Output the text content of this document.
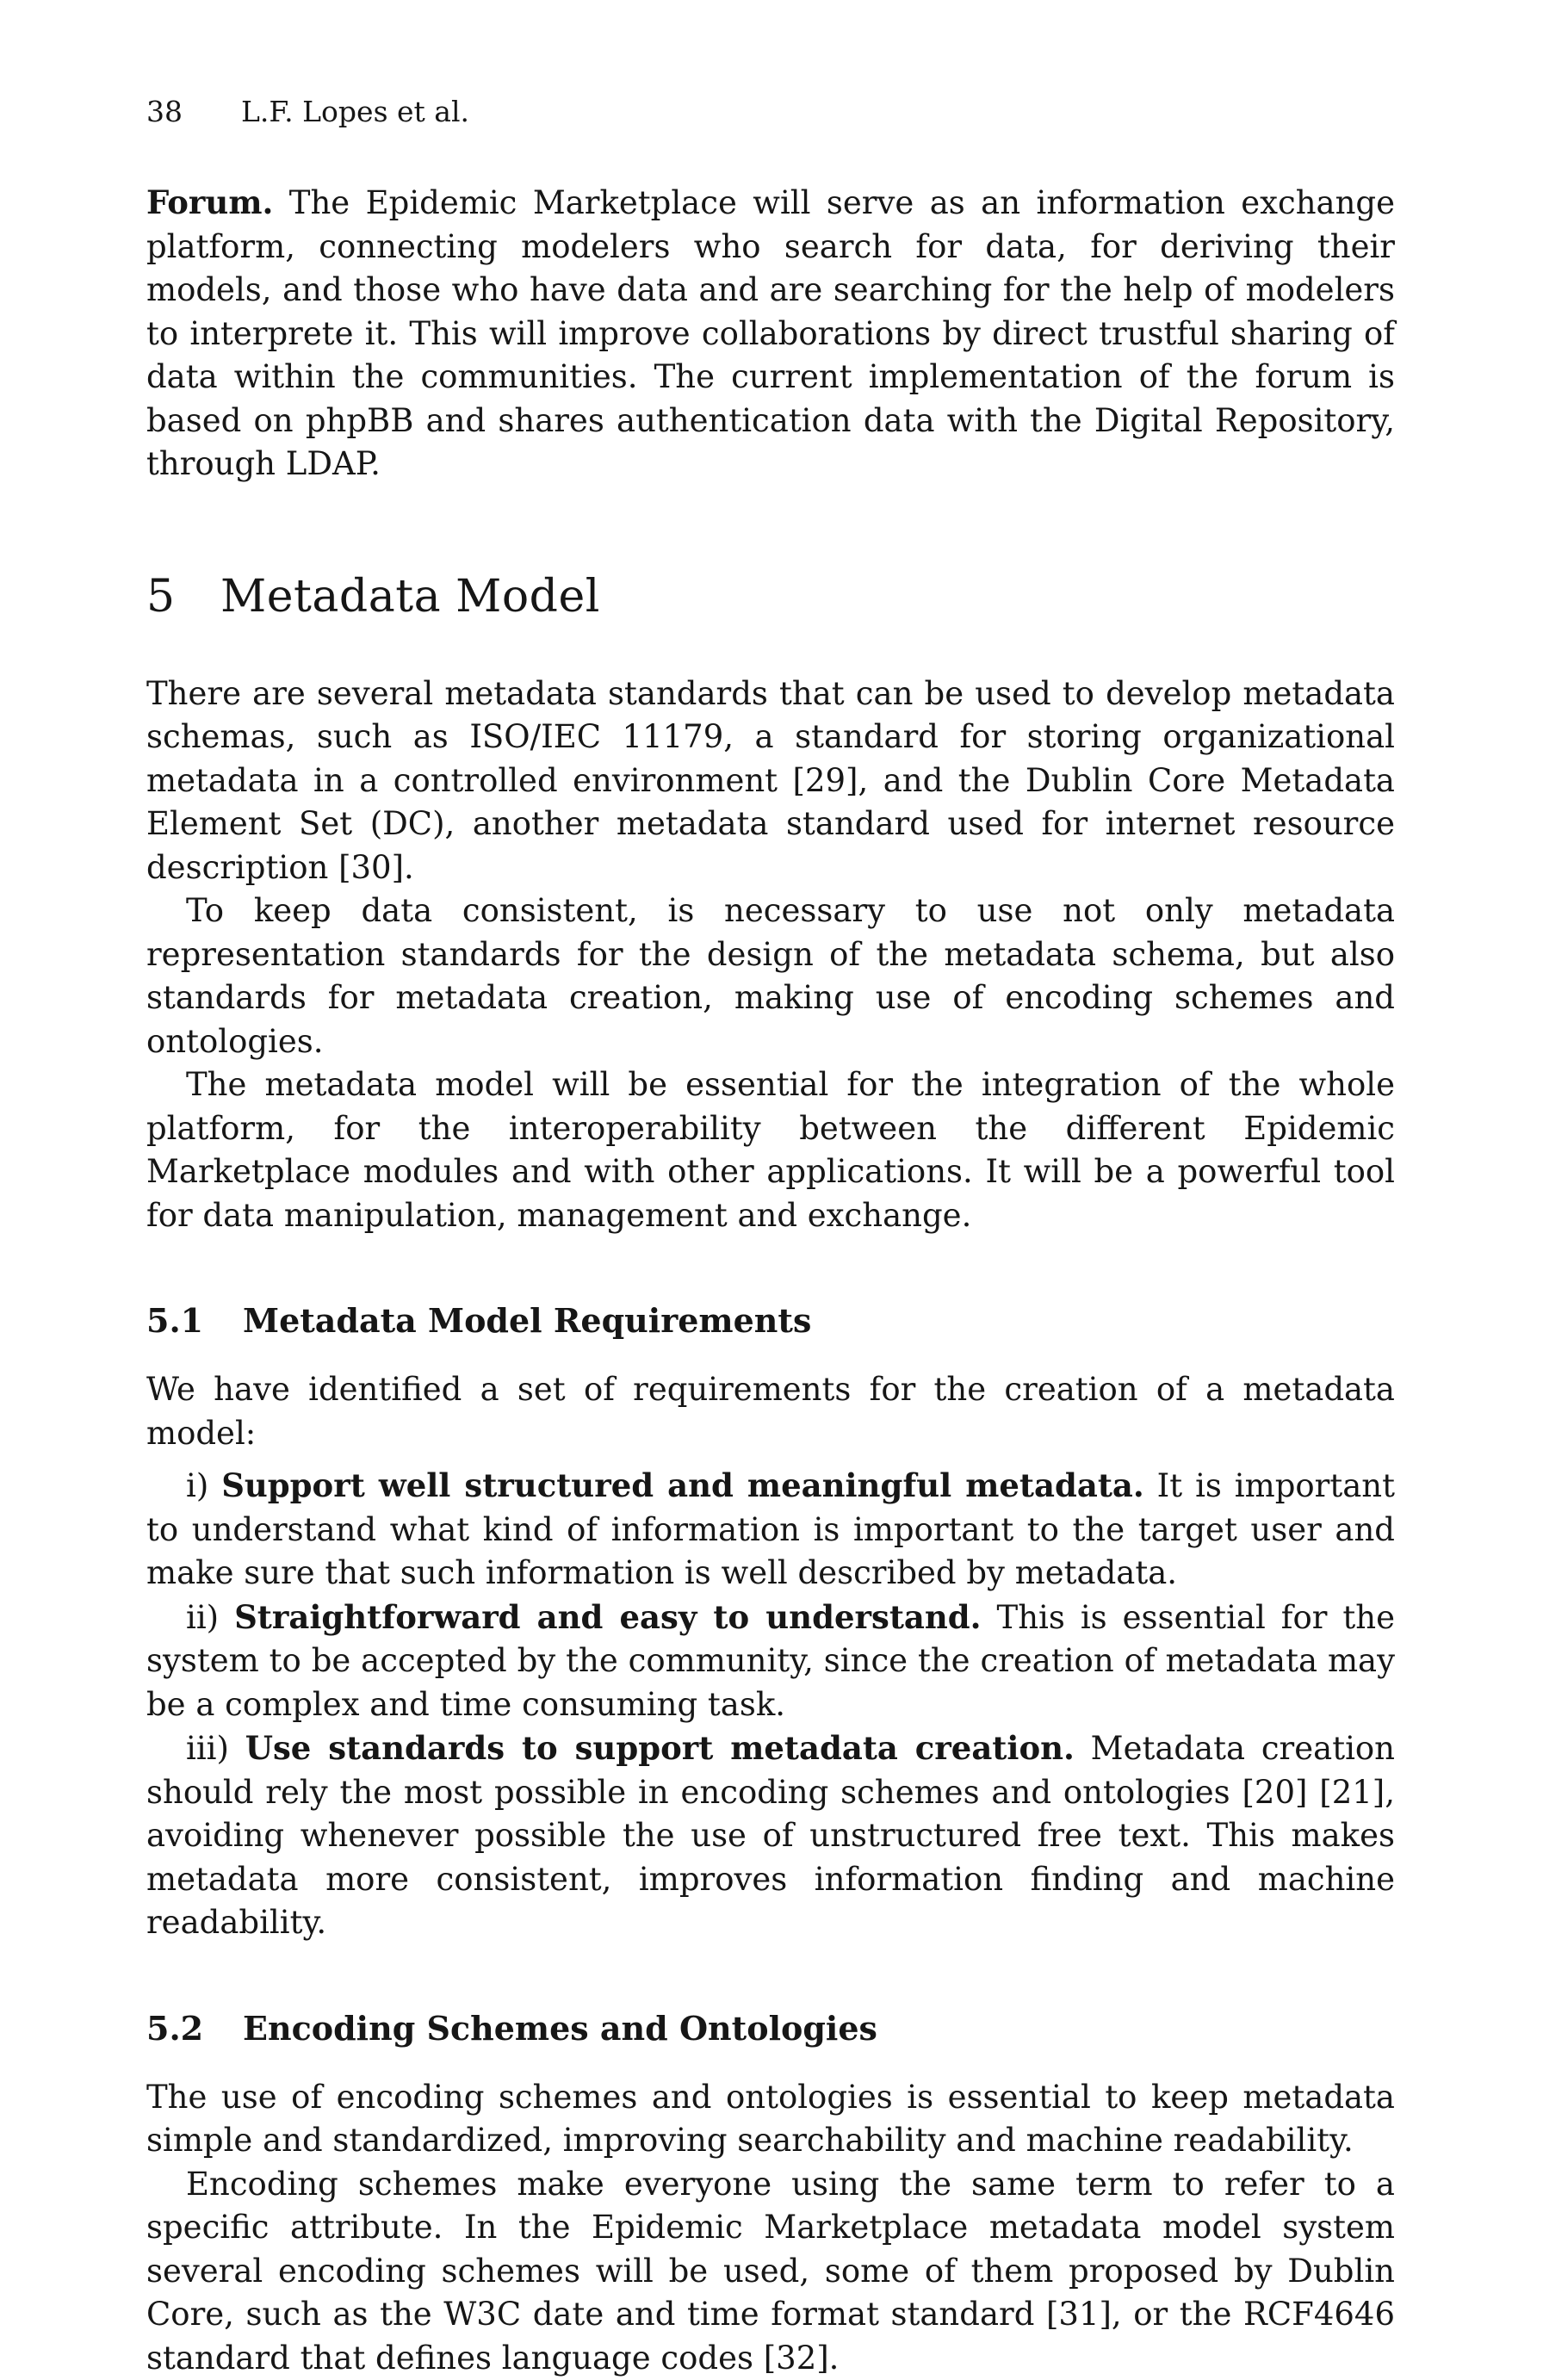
38 L.F. Lopes et al.

Forum. The Epidemic Marketplace will serve as an information exchange platform, connecting modelers who search for data, for deriving their models, and those who have data and are searching for the help of modelers to interprete it. This will improve collaborations by direct trustful sharing of data within the communities. The current implementation of the forum is based on phpBB and shares authentication data with the Digital Repository, through LDAP.

5 Metadata Model

There are several metadata standards that can be used to develop metadata schemas, such as ISO/IEC 11179, a standard for storing organizational metadata in a controlled environment [29], and the Dublin Core Metadata Element Set (DC), another metadata standard used for internet resource description [30].

To keep data consistent, is necessary to use not only metadata representation standards for the design of the metadata schema, but also standards for metadata creation, making use of encoding schemes and ontologies.

The metadata model will be essential for the integration of the whole platform, for the interoperability between the different Epidemic Marketplace modules and with other applications. It will be a powerful tool for data manipulation, management and exchange.

5.1 Metadata Model Requirements

We have identified a set of requirements for the creation of a metadata model:

i) Support well structured and meaningful metadata. It is important to understand what kind of information is important to the target user and make sure that such information is well described by metadata.

ii) Straightforward and easy to understand. This is essential for the system to be accepted by the community, since the creation of metadata may be a complex and time consuming task.

iii) Use standards to support metadata creation. Metadata creation should rely the most possible in encoding schemes and ontologies [20] [21], avoiding whenever possible the use of unstructured free text. This makes metadata more consistent, improves information finding and machine readability.

5.2 Encoding Schemes and Ontologies

The use of encoding schemes and ontologies is essential to keep metadata simple and standardized, improving searchability and machine readability.

Encoding schemes make everyone using the same term to refer to a specific attribute. In the Epidemic Marketplace metadata model system several encoding schemes will be used, some of them proposed by Dublin Core, such as the W3C date and time format standard [31], or the RCF4646 standard that defines language codes [32].
